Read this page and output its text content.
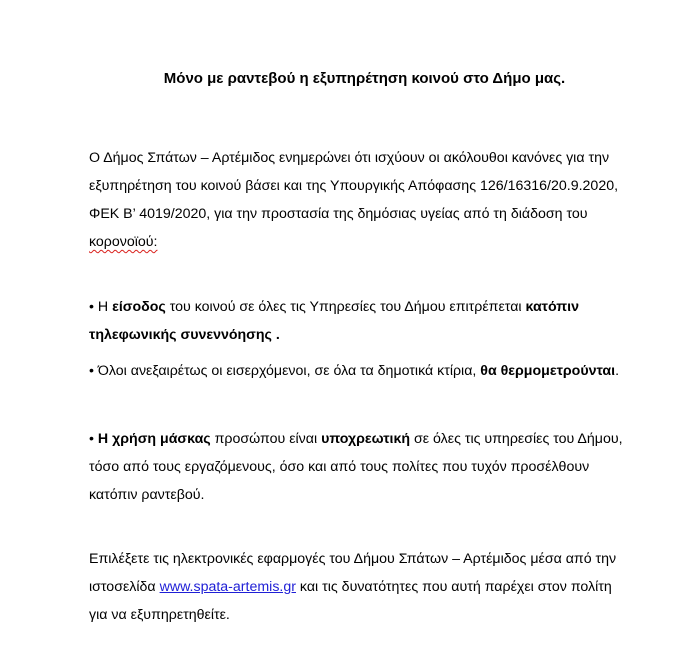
Μόνο με ραντεβού η εξυπηρέτηση κοινού στο Δήμο μας.
Ο Δήμος Σπάτων – Αρτέμιδος ενημερώνει ότι ισχύουν οι ακόλουθοι κανόνες για την
εξυπηρέτηση του κοινού βάσει και της Υπουργικής Απόφασης 126/16316/20.9.2020,
ΦΕΚ Β’ 4019/2020, για την προστασία της δημόσιας υγείας από τη διάδοση του
κορονοϊού:
• Η είσοδος του κοινού σε όλες τις Υπηρεσίες του Δήμου επιτρέπεται κατόπιν
τηλεφωνικής συνεννόησης .
• Όλοι ανεξαιρέτως οι εισερχόμενοι, σε όλα τα δημοτικά κτίρια, θα θερμομετρούνται.
• Η χρήση μάσκας προσώπου είναι υποχρεωτική σε όλες τις υπηρεσίες του Δήμου,
τόσο από τους εργαζόμενους, όσο και από τους πολίτες που τυχόν προσέλθουν
κατόπιν ραντεβού.
Επιλέξετε τις ηλεκτρονικές εφαρμογές του Δήμου Σπάτων – Αρτέμιδος μέσα από την
ιστοσελίδα www.spata-artemis.gr και τις δυνατότητες που αυτή παρέχει στον πολίτη
για να εξυπηρετηθείτε.
